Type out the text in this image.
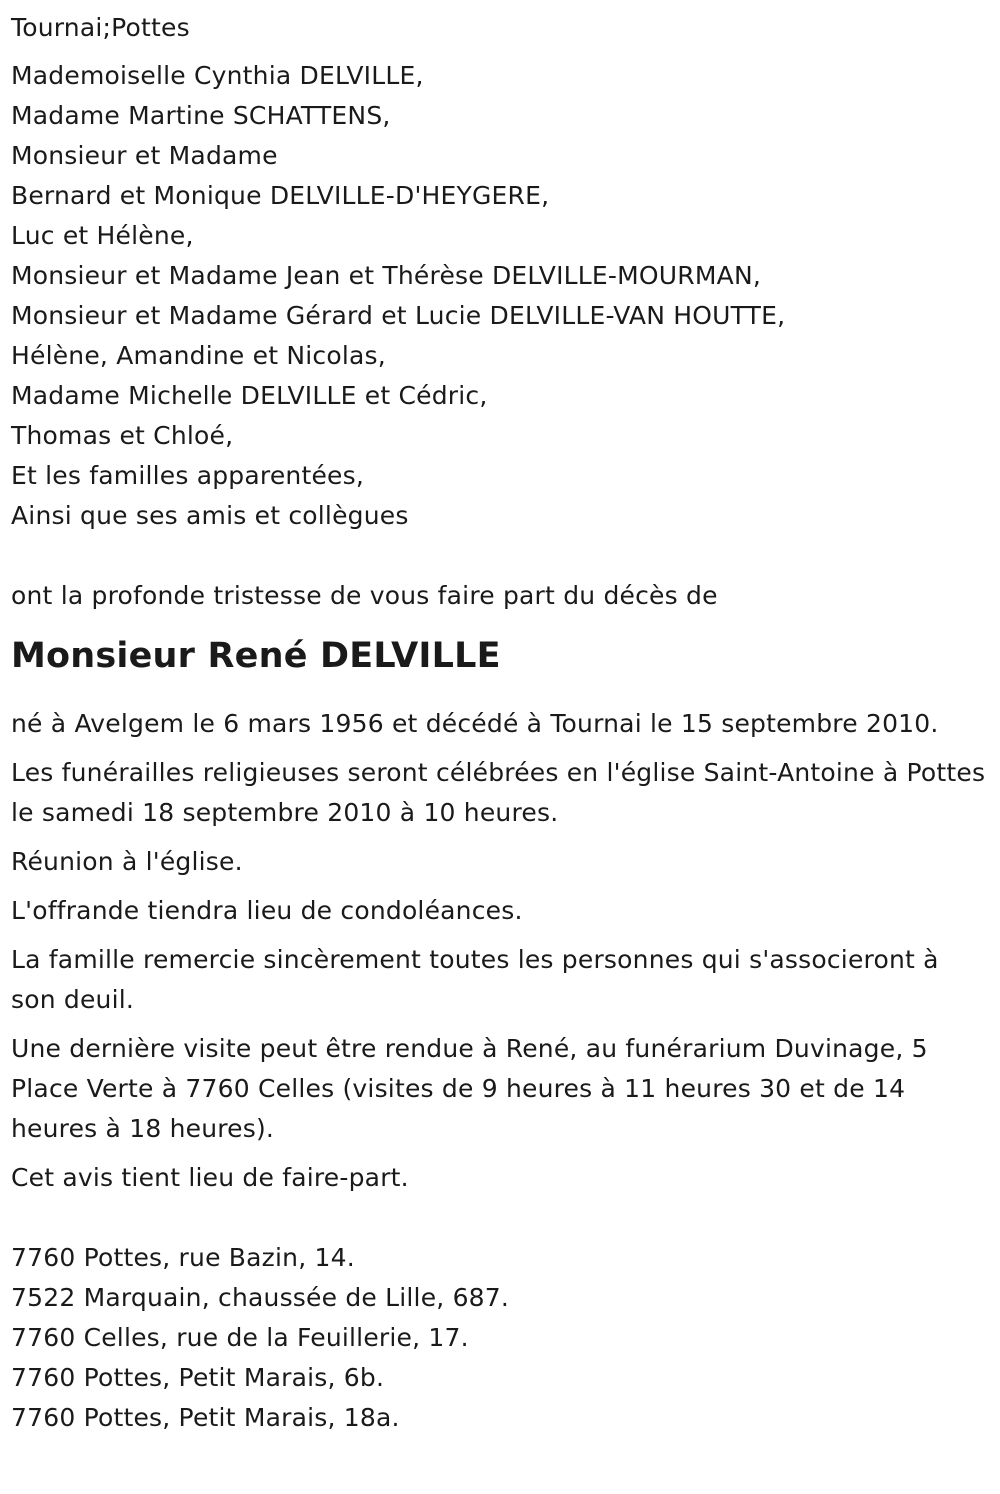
Tournai;Pottes
Mademoiselle Cynthia DELVILLE,
Madame Martine SCHATTENS,
Monsieur et Madame
Bernard et Monique DELVILLE-D'HEYGERE,
Luc et Hélène,
Monsieur et Madame Jean et Thérèse DELVILLE-MOURMAN,
Monsieur et Madame Gérard et Lucie DELVILLE-VAN HOUTTE,
Hélène, Amandine et Nicolas,
Madame Michelle DELVILLE et Cédric,
Thomas et Chloé,
Et les familles apparentées,
Ainsi que ses amis et collègues
ont la profonde tristesse de vous faire part du décès de
Monsieur René DELVILLE
né à Avelgem le 6 mars 1956 et décédé à Tournai le 15 septembre 2010.
Les funérailles religieuses seront célébrées en l'église Saint-Antoine à Pottes le samedi 18 septembre 2010 à 10 heures.
Réunion à l'église.
L'offrande tiendra lieu de condoléances.
La famille remercie sincèrement toutes les personnes qui s'associeront à son deuil.
Une dernière visite peut être rendue à René, au funérarium Duvinage, 5 Place Verte à 7760 Celles (visites de 9 heures à 11 heures 30 et de 14 heures à 18 heures).
Cet avis tient lieu de faire-part.
7760 Pottes, rue Bazin, 14.
7522 Marquain, chaussée de Lille, 687.
7760 Celles, rue de la Feuillerie, 17.
7760 Pottes, Petit Marais, 6b.
7760 Pottes, Petit Marais, 18a.
